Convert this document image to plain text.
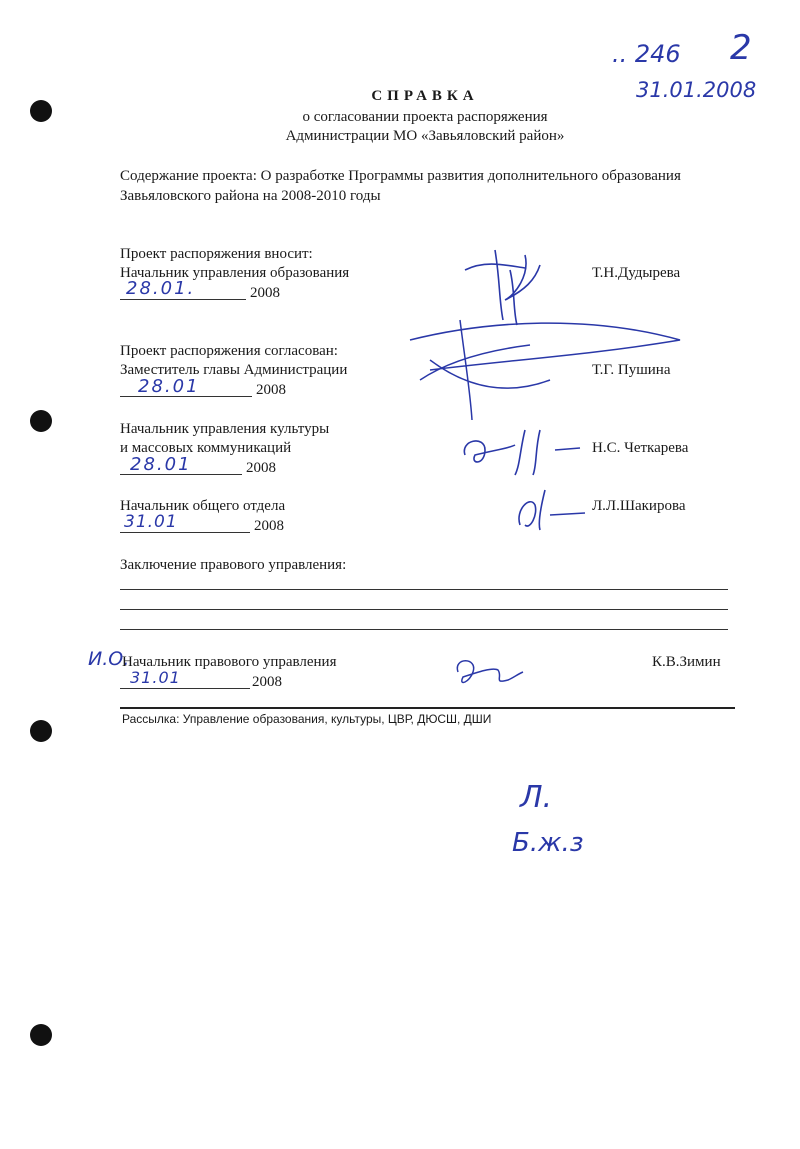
.. 246 2
31.01.2008
СПРАВКА
о согласовании проекта распоряжения
Администрации МО «Завьяловский район»
Содержание проекта: О разработке Программы развития дополнительного образования
Завьяловского района на 2008-2010 годы
Проект распоряжения вносит:
Начальник управления образования
28.01.	2008
Т.Н.Дудырева
Проект распоряжения согласован:
Заместитель главы Администрации
28.01	2008
Т.Г. Пушина
Начальник управления культуры
и массовых коммуникаций
28.01	2008
Н.С. Четкарева
Начальник общего отдела
31.01	2008
Л.Л.Шакирова
Заключение правового управления:
И.О.
Начальник правового управления
31.01	2008
К.В.Зимин
Рассылка: Управление образования, культуры, ЦВР, ДЮСШ, ДШИ
Л.
Б.ж.з
